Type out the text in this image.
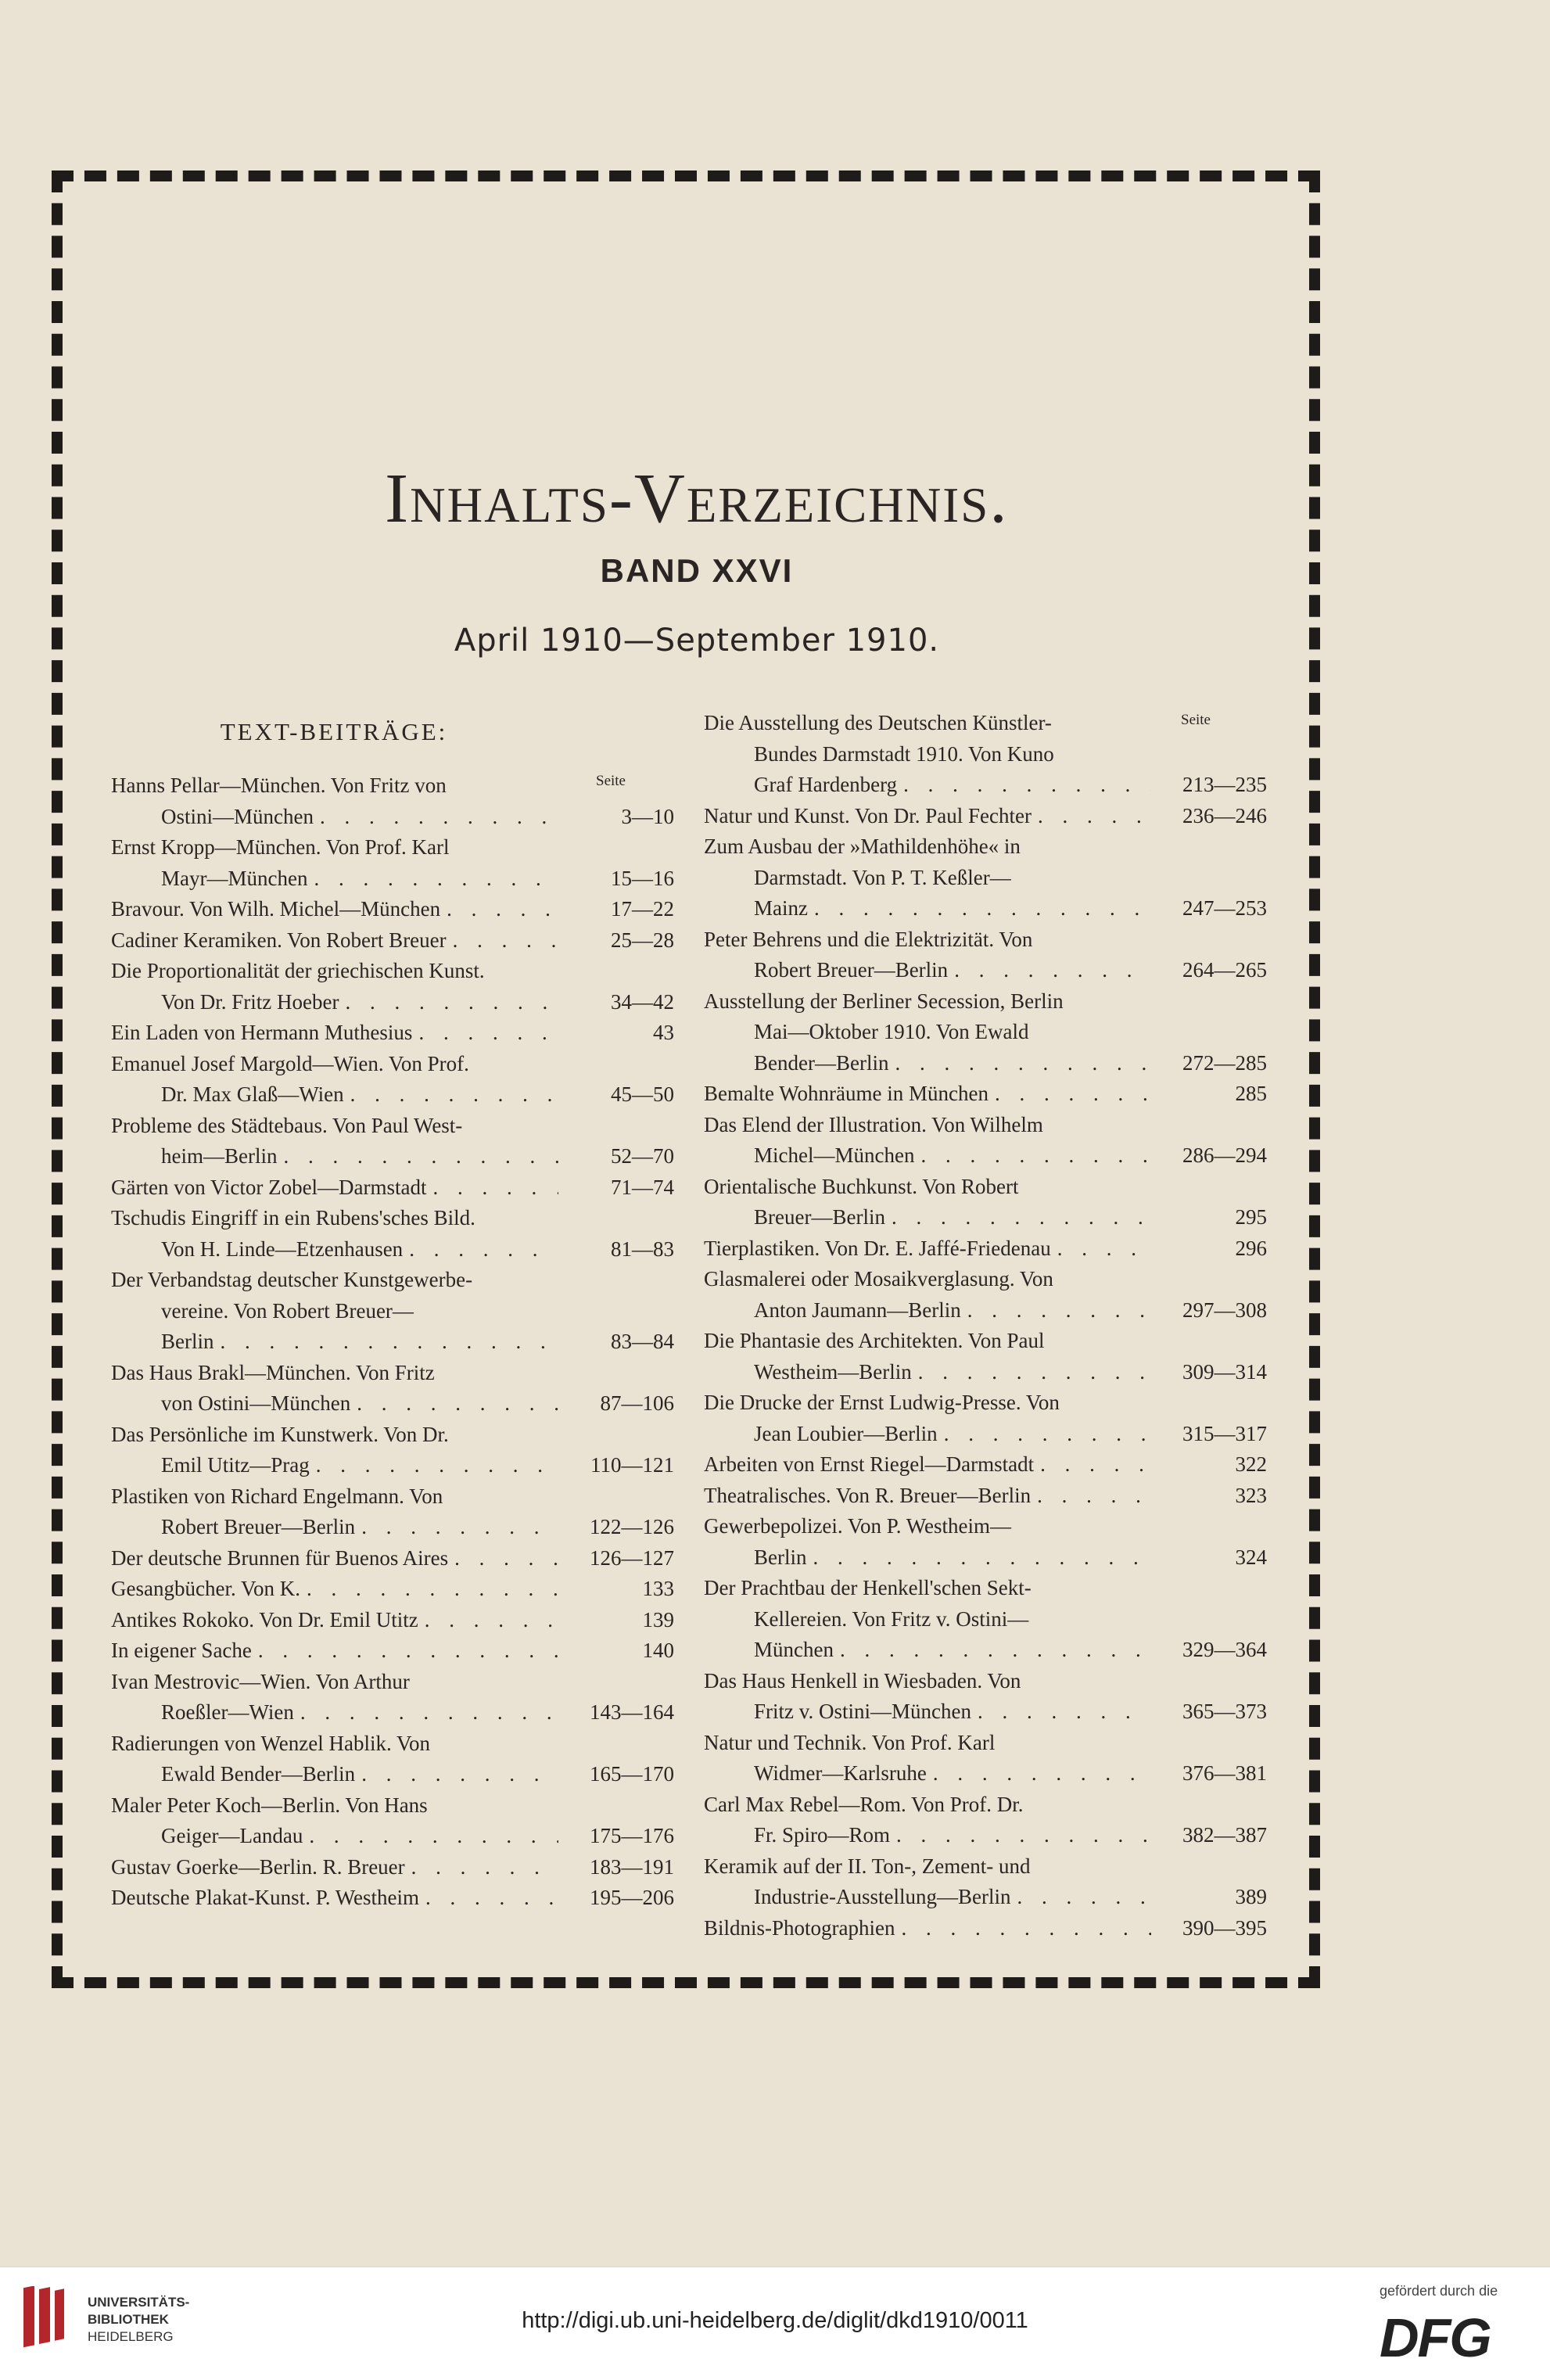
Inhalts-Verzeichnis.
BAND XXVI
April 1910—September 1910.
TEXT-BEITRÄGE:
Seite
Seite
Hanns Pellar—München. Von Fritz von
Ostini—München . . .	3—10
Ernst Kropp—München. Von Prof. Karl
Mayr—München . . .	15—16
Bravour. Von Wilh. Michel—München . . .	17—22
Cadiner Keramiken. Von Robert Breuer . . .	25—28
Die Proportionalität der griechischen Kunst.
Von Dr. Fritz Hoeber . . .	34—42
Ein Laden von Hermann Muthesius . . .	43
Emanuel Josef Margold—Wien. Von Prof.
Dr. Max Glaß—Wien . . .	45—50
Probleme des Städtebaus. Von Paul West-
heim—Berlin . . .	52—70
Gärten von Victor Zobel—Darmstadt . . .	71—74
Tschudis Eingriff in ein Rubens'sches Bild.
Von H. Linde—Etzenhausen . . .	81—83
Der Verbandstag deutscher Kunstgewerbe-
vereine. Von Robert Breuer—
Berlin . . .	83—84
Das Haus Brakl—München. Von Fritz
von Ostini—München . . .	87—106
Das Persönliche im Kunstwerk. Von Dr.
Emil Utitz—Prag . . .	110—121
Plastiken von Richard Engelmann. Von
Robert Breuer—Berlin . . .	122—126
Der deutsche Brunnen für Buenos Aires . . .	126—127
Gesangbücher. Von K. . . .	133
Antikes Rokoko. Von Dr. Emil Utitz . . .	139
In eigener Sache . . .	140
Ivan Mestrovic—Wien. Von Arthur
Roeßler—Wien . . .	143—164
Radierungen von Wenzel Hablik. Von
Ewald Bender—Berlin . . .	165—170
Maler Peter Koch—Berlin. Von Hans
Geiger—Landau . . .	175—176
Gustav Goerke—Berlin. R. Breuer . . .	183—191
Deutsche Plakat-Kunst. P. Westheim . . .	195—206
Die Ausstellung des Deutschen Künstler-
Bundes Darmstadt 1910. Von Kuno
Graf Hardenberg . . .	213—235
Natur und Kunst. Von Dr. Paul Fechter . . .	236—246
Zum Ausbau der »Mathildenhöhe« in
Darmstadt. Von P. T. Keßler—
Mainz . . .	247—253
Peter Behrens und die Elektrizität. Von
Robert Breuer—Berlin . . .	264—265
Ausstellung der Berliner Secession, Berlin
Mai—Oktober 1910. Von Ewald
Bender—Berlin . . .	272—285
Bemalte Wohnräume in München . . .	285
Das Elend der Illustration. Von Wilhelm
Michel—München . . .	286—294
Orientalische Buchkunst. Von Robert
Breuer—Berlin . . .	295
Tierplastiken. Von Dr. E. Jaffé-Friedenau . . .	296
Glasmalerei oder Mosaikverglasung. Von
Anton Jaumann—Berlin . . .	297—308
Die Phantasie des Architekten. Von Paul
Westheim—Berlin . . .	309—314
Die Drucke der Ernst Ludwig-Presse. Von
Jean Loubier—Berlin . . .	315—317
Arbeiten von Ernst Riegel—Darmstadt . . .	322
Theatralisches. Von R. Breuer—Berlin . . .	323
Gewerbepolizei. Von P. Westheim—
Berlin . . .	324
Der Prachtbau der Henkell'schen Sekt-
Kellereien. Von Fritz v. Ostini—
München . . .	329—364
Das Haus Henkell in Wiesbaden. Von
Fritz v. Ostini—München . . .	365—373
Natur und Technik. Von Prof. Karl
Widmer—Karlsruhe . . .	376—381
Carl Max Rebel—Rom. Von Prof. Dr.
Fr. Spiro—Rom . . .	382—387
Keramik auf der II. Ton-, Zement- und
Industrie-Ausstellung—Berlin . . .	389
Bildnis-Photographien . . .	390—395
UNIVERSITÄTS-
BIBLIOTHEK
HEIDELBERG
http://digi.ub.uni-heidelberg.de/diglit/dkd1910/0011
gefördert durch die
DFG
